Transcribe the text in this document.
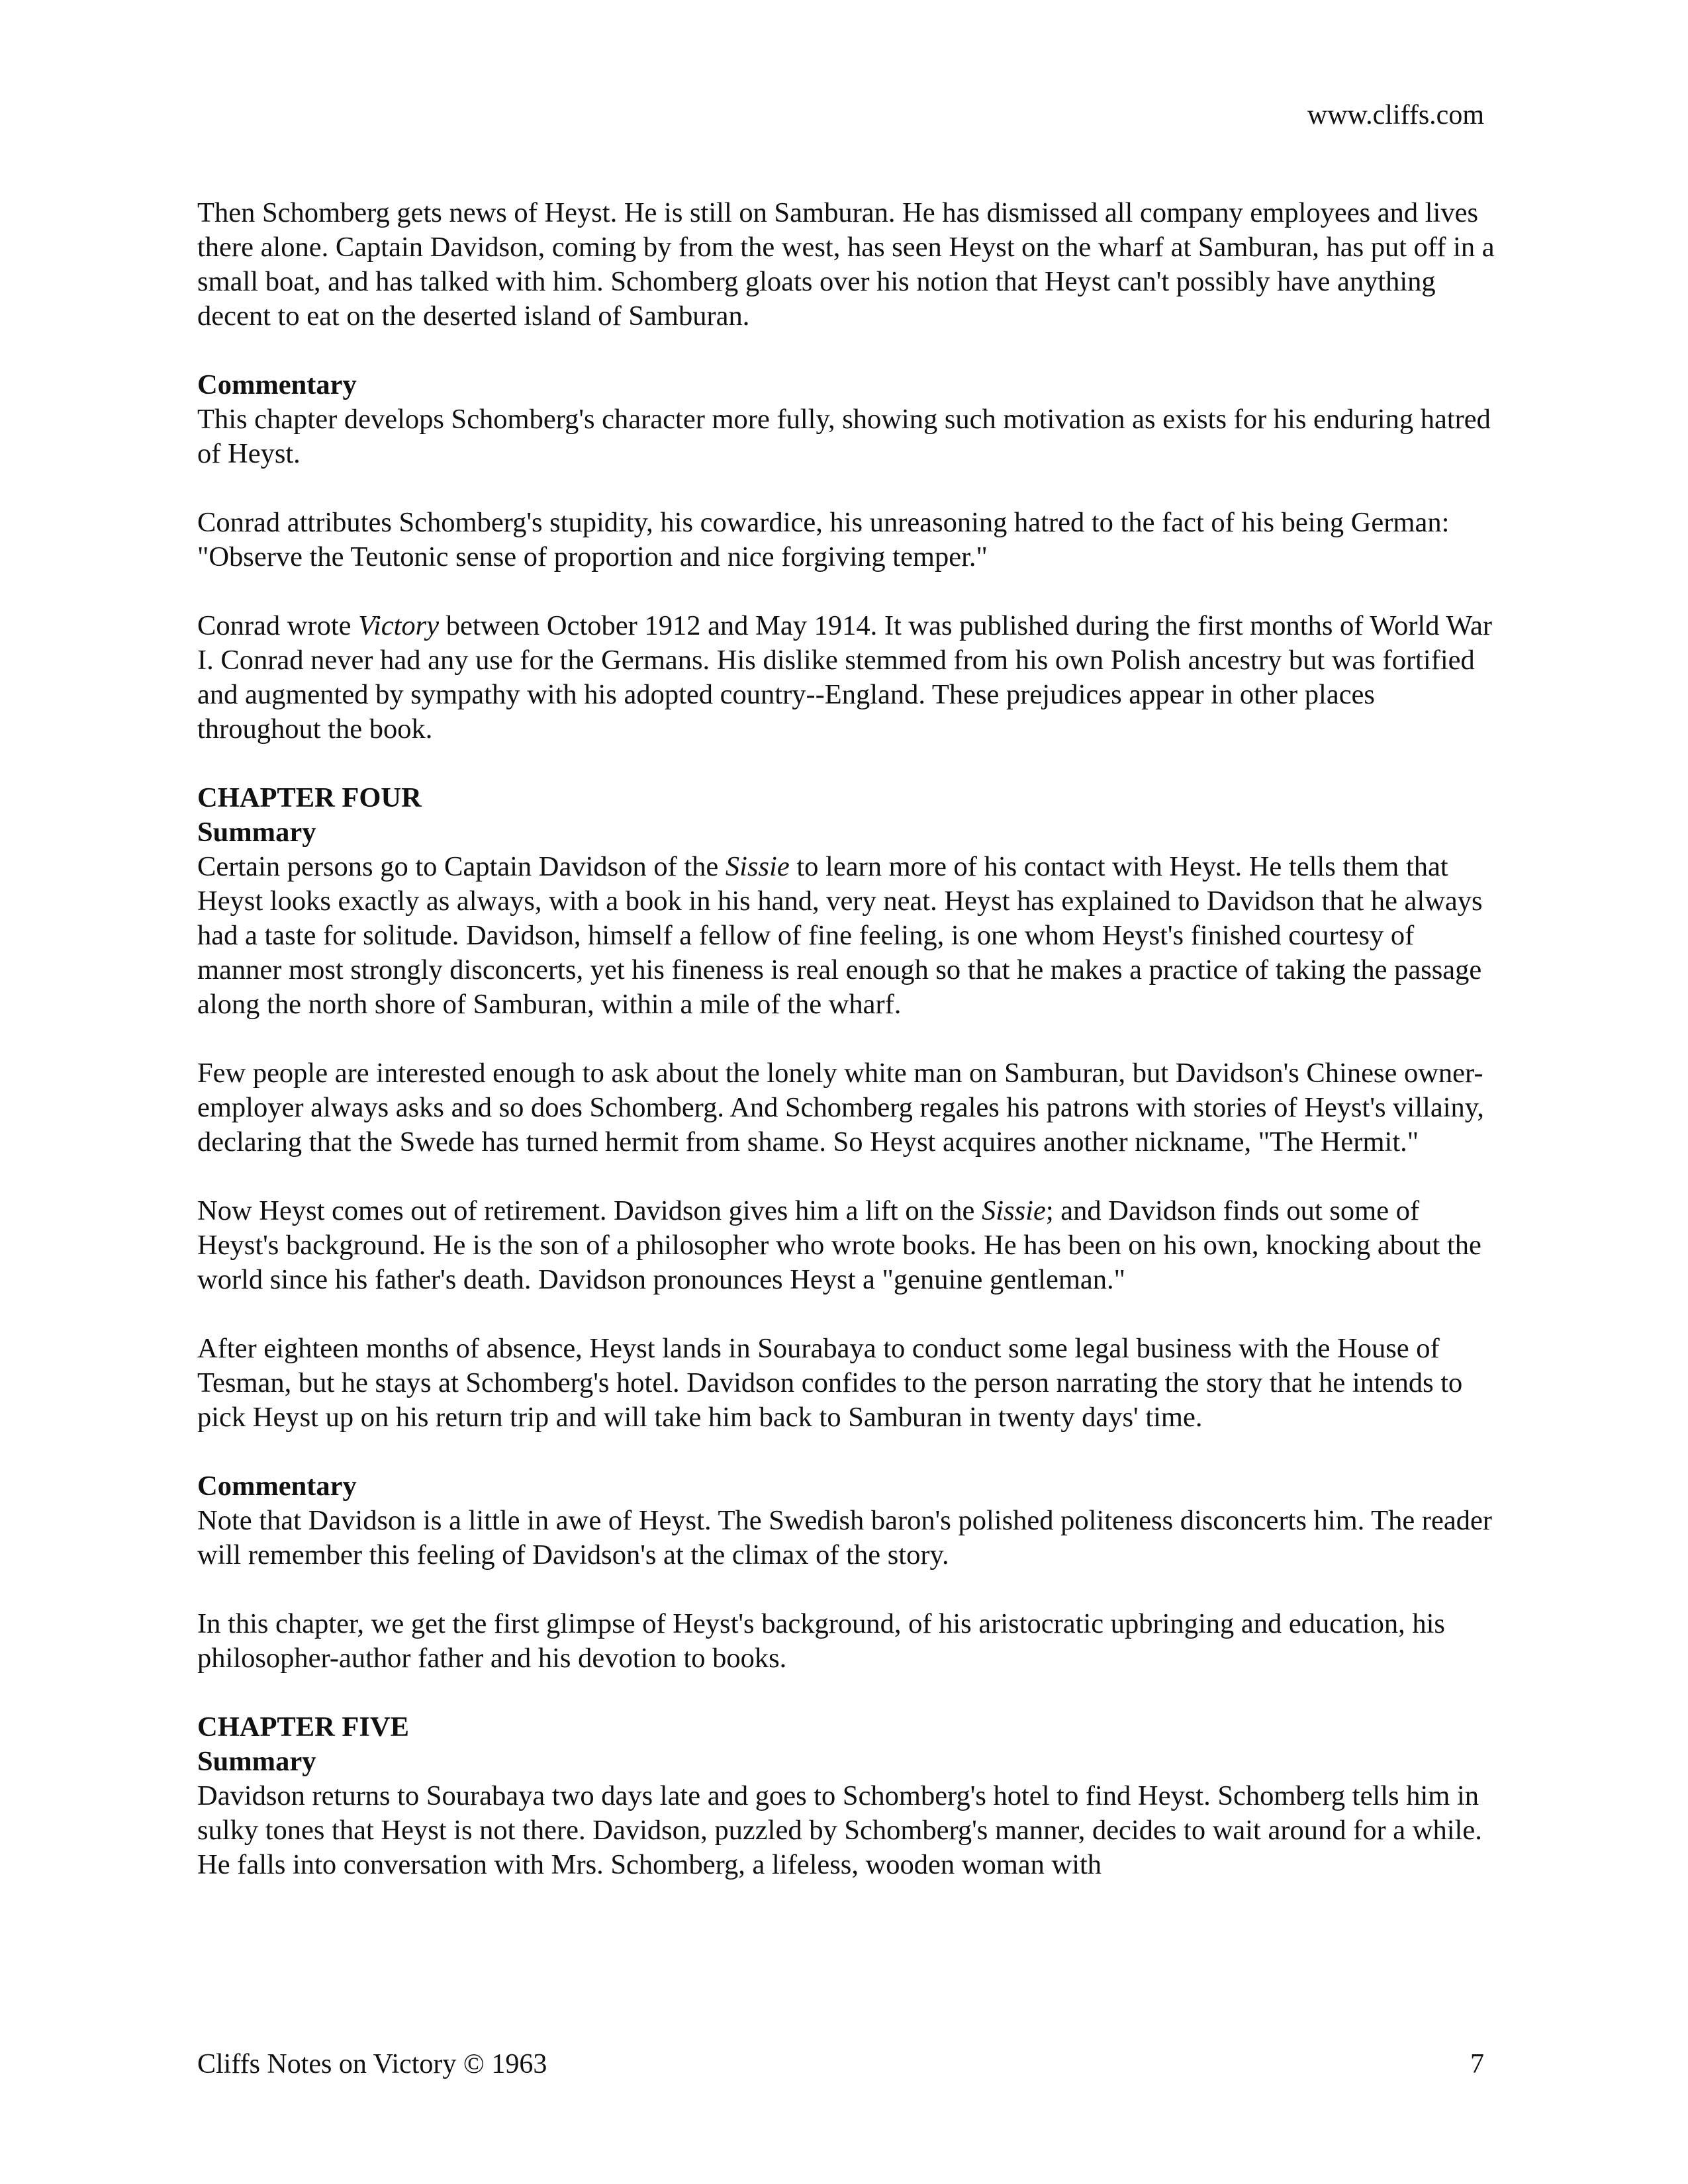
www.cliffs.com

Then Schomberg gets news of Heyst. He is still on Samburan. He has dismissed all company employees and lives there alone. Captain Davidson, coming by from the west, has seen Heyst on the wharf at Samburan, has put off in a small boat, and has talked with him. Schomberg gloats over his notion that Heyst can't possibly have anything decent to eat on the deserted island of Samburan.

Commentary

This chapter develops Schomberg's character more fully, showing such motivation as exists for his enduring hatred of Heyst.

Conrad attributes Schomberg's stupidity, his cowardice, his unreasoning hatred to the fact of his being German: "Observe the Teutonic sense of proportion and nice forgiving temper."

Conrad wrote Victory between October 1912 and May 1914. It was published during the first months of World War I. Conrad never had any use for the Germans. His dislike stemmed from his own Polish ancestry but was fortified and augmented by sympathy with his adopted country--England. These prejudices appear in other places throughout the book.

CHAPTER FOUR
Summary

Certain persons go to Captain Davidson of the Sissie to learn more of his contact with Heyst. He tells them that Heyst looks exactly as always, with a book in his hand, very neat. Heyst has explained to Davidson that he always had a taste for solitude. Davidson, himself a fellow of fine feeling, is one whom Heyst's finished courtesy of manner most strongly disconcerts, yet his fineness is real enough so that he makes a practice of taking the passage along the north shore of Samburan, within a mile of the wharf.

Few people are interested enough to ask about the lonely white man on Samburan, but Davidson's Chinese owner-employer always asks and so does Schomberg. And Schomberg regales his patrons with stories of Heyst's villainy, declaring that the Swede has turned hermit from shame. So Heyst acquires another nickname, "The Hermit."

Now Heyst comes out of retirement. Davidson gives him a lift on the Sissie; and Davidson finds out some of Heyst's background. He is the son of a philosopher who wrote books. He has been on his own, knocking about the world since his father's death. Davidson pronounces Heyst a "genuine gentleman."

After eighteen months of absence, Heyst lands in Sourabaya to conduct some legal business with the House of Tesman, but he stays at Schomberg's hotel. Davidson confides to the person narrating the story that he intends to pick Heyst up on his return trip and will take him back to Samburan in twenty days' time.

Commentary

Note that Davidson is a little in awe of Heyst. The Swedish baron's polished politeness disconcerts him. The reader will remember this feeling of Davidson's at the climax of the story.

In this chapter, we get the first glimpse of Heyst's background, of his aristocratic upbringing and education, his philosopher-author father and his devotion to books.

CHAPTER FIVE
Summary

Davidson returns to Sourabaya two days late and goes to Schomberg's hotel to find Heyst. Schomberg tells him in sulky tones that Heyst is not there. Davidson, puzzled by Schomberg's manner, decides to wait around for a while. He falls into conversation with Mrs. Schomberg, a lifeless, wooden woman with

Cliffs Notes on Victory © 1963	7
